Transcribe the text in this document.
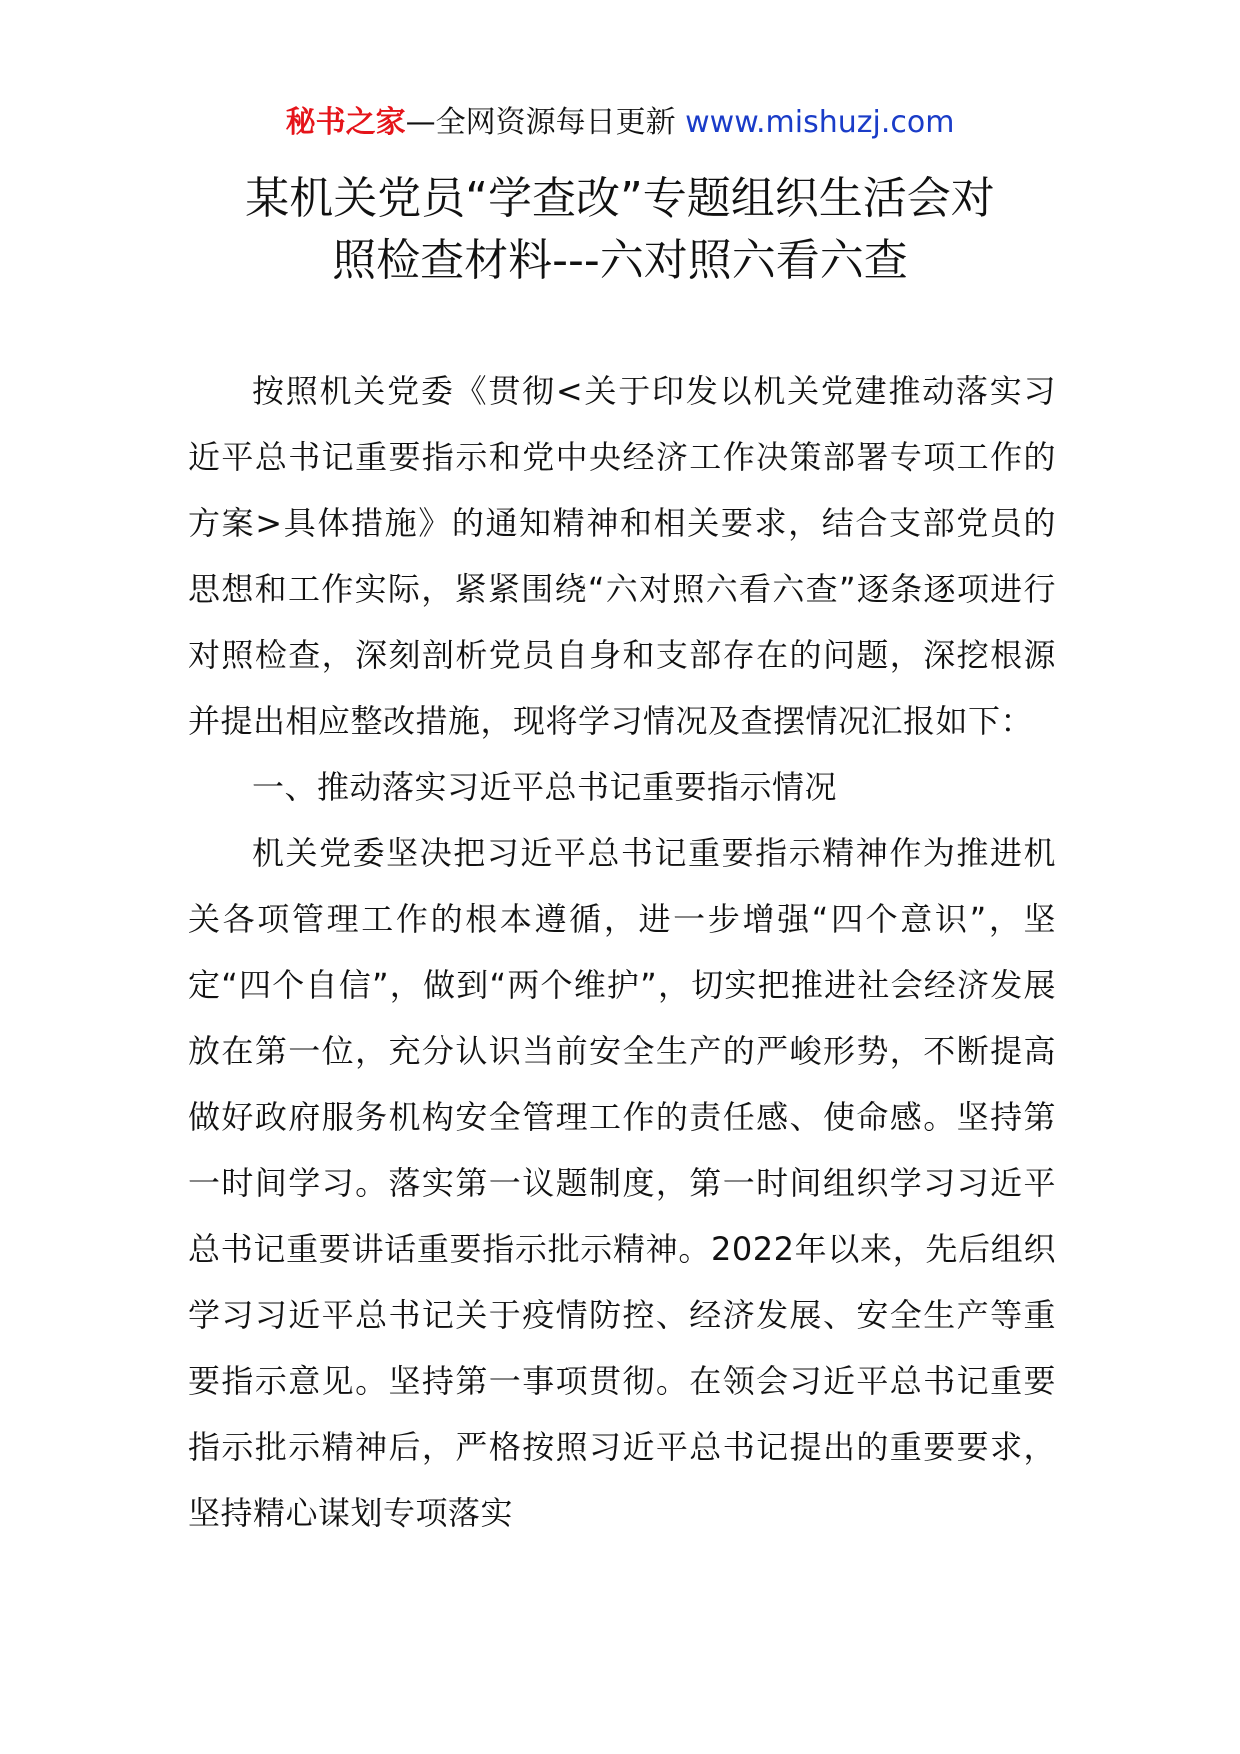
秘书之家—全网资源每日更新 www.mishuzj.com
某机关党员“学查改”专题组织生活会对
照检查材料---六对照六看六查

按照机关党委《贯彻<关于印发以机关党建推动落实习近平总书记重要指示和党中央经济工作决策部署专项工作的方案>具体措施》的通知精神和相关要求，结合支部党员的思想和工作实际，紧紧围绕“六对照六看六查”逐条逐项进行对照检查，深刻剖析党员自身和支部存在的问题，深挖根源并提出相应整改措施，现将学习情况及查摆情况汇报如下：

一、推动落实习近平总书记重要指示情况

机关党委坚决把习近平总书记重要指示精神作为推进机关各项管理工作的根本遵循，进一步增强“四个意识”，坚定“四个自信”，做到“两个维护”，切实把推进社会经济发展放在第一位，充分认识当前安全生产的严峻形势，不断提高做好政府服务机构安全管理工作的责任感、使命感。坚持第一时间学习。落实第一议题制度，第一时间组织学习习近平总书记重要讲话重要指示批示精神。2022年以来，先后组织学习习近平总书记关于疫情防控、经济发展、安全生产等重要指示意见。坚持第一事项贯彻。在领会习近平总书记重要指示批示精神后，严格按照习近平总书记提出的重要要求，坚持精心谋划专项落实
